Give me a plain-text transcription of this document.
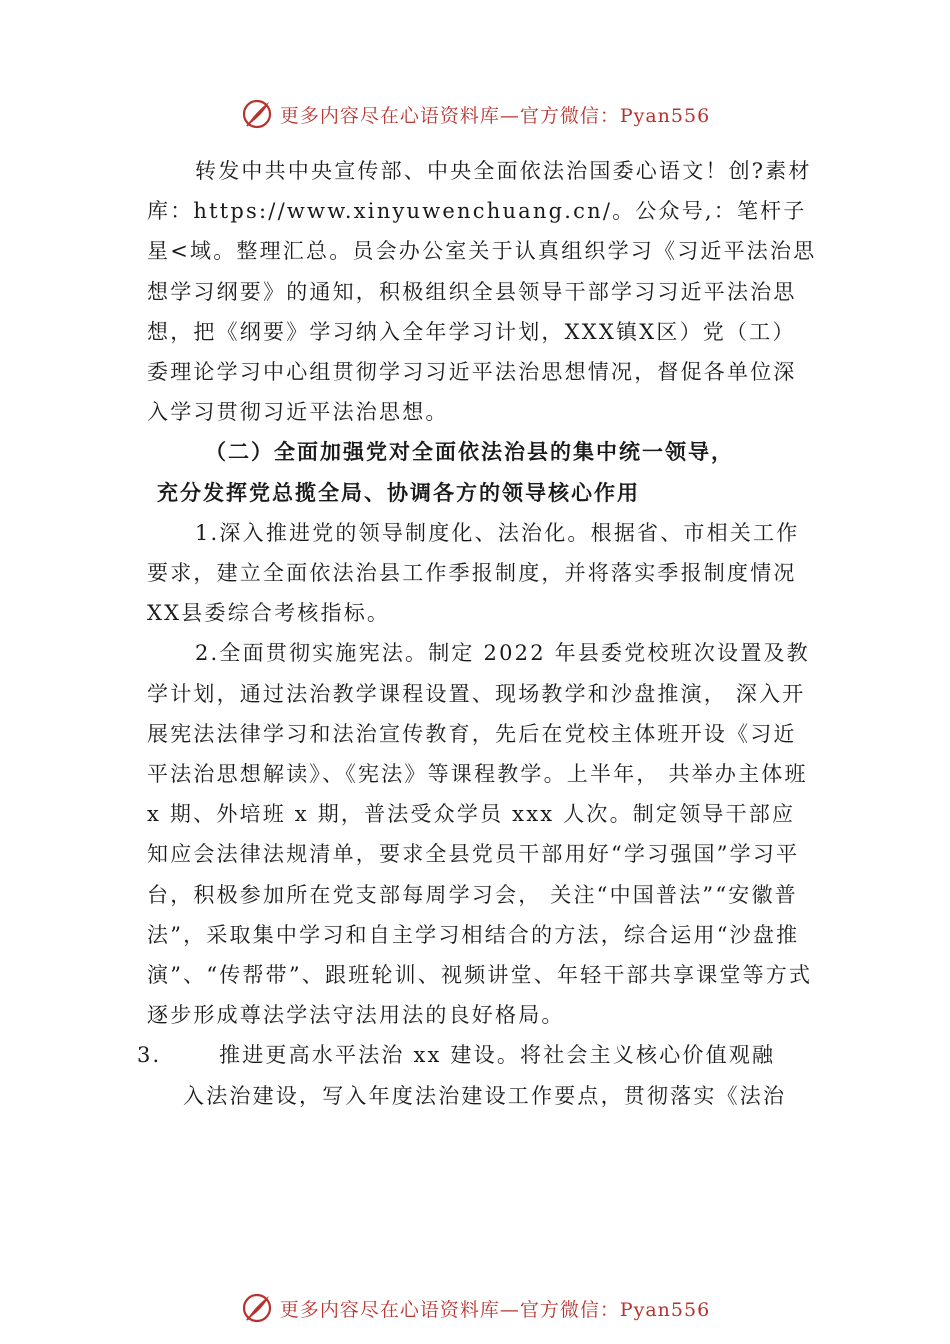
更多内容尽在心语资料库—官方微信：Pyan556

转发中共中央宣传部、中央全面依法治国委心语文！创?素材库：https://www.xinyuwenchuang.cn/。公众号,：笔杆子星<域。整理汇总。员会办公室关于认真组织学习《习近平法治思想学习纲要》的通知，积极组织全县领导干部学习习近平法治思想，把《纲要》学习纳入全年学习计划，XXX镇X区）党（工）委理论学习中心组贯彻学习习近平法治思想情况，督促各单位深入学习贯彻习近平法治思想。

（二）全面加强党对全面依法治县的集中统一领导，

充分发挥党总揽全局、协调各方的领导核心作用

1.深入推进党的领导制度化、法治化。根据省、市相关工作要求，建立全面依法治县工作季报制度，并将落实季报制度情况XX县委综合考核指标。

2.全面贯彻实施宪法。制定 2022 年县委党校班次设置及教学计划，通过法治教学课程设置、现场教学和沙盘推演， 深入开展宪法法律学习和法治宣传教育，先后在党校主体班开设《习近平法治思想解读》、《宪法》等课程教学。上半年， 共举办主体班 x 期、外培班 x 期，普法受众学员 xxx 人次。制定领导干部应知应会法律法规清单，要求全县党员干部用好“学习强国”学习平台，积极参加所在党支部每周学习会， 关注“中国普法”“安徽普法”，采取集中学习和自主学习相结合的方法，综合运用“沙盘推演”、“传帮带”、跟班轮训、视频讲堂、年轻干部共享课堂等方式逐步形成尊法学法守法用法的良好格局。

3.	推进更高水平法治 xx 建设。将社会主义核心价值观融

入法治建设，写入年度法治建设工作要点，贯彻落实《法治

更多内容尽在心语资料库—官方微信：Pyan556
